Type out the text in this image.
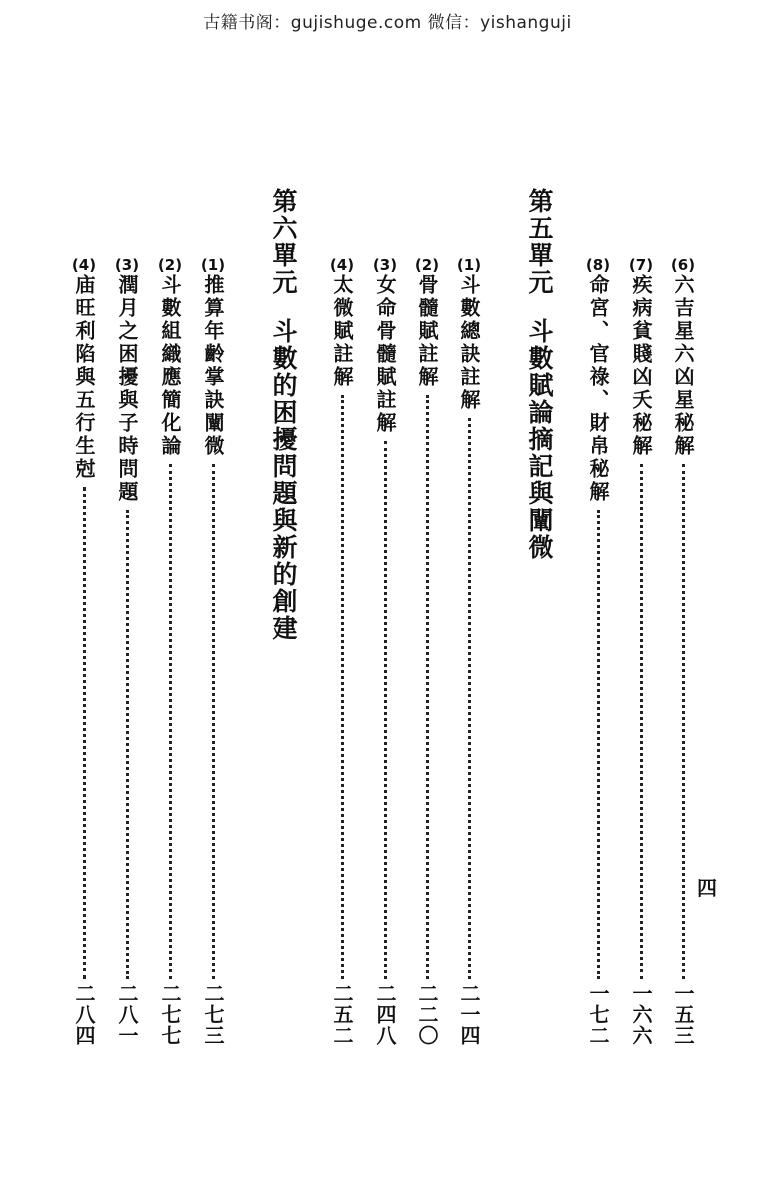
古籍书阁：gujishuge.com 微信：yishanguji
(6)
六吉星六凶星秘解
一五三
(7)
疾病貧賤凶夭秘解
一六六
(8)
命宮、官祿、財帛秘解
一七二
第五單元斗數賦論摘記與闡微
(1)
斗數總訣註解
二一四
(2)
骨髓賦註解
二二〇
(3)
女命骨髓賦註解
二四八
(4)
太微賦註解
二五二
第六單元斗數的困擾問題與新的創建
(1)
推算年齡掌訣闡微
二七三
(2)
斗數組織應簡化論
二七七
(3)
潤月之困擾與子時問題
二八一
(4)
庙旺利陷與五行生尅
二八四
四
